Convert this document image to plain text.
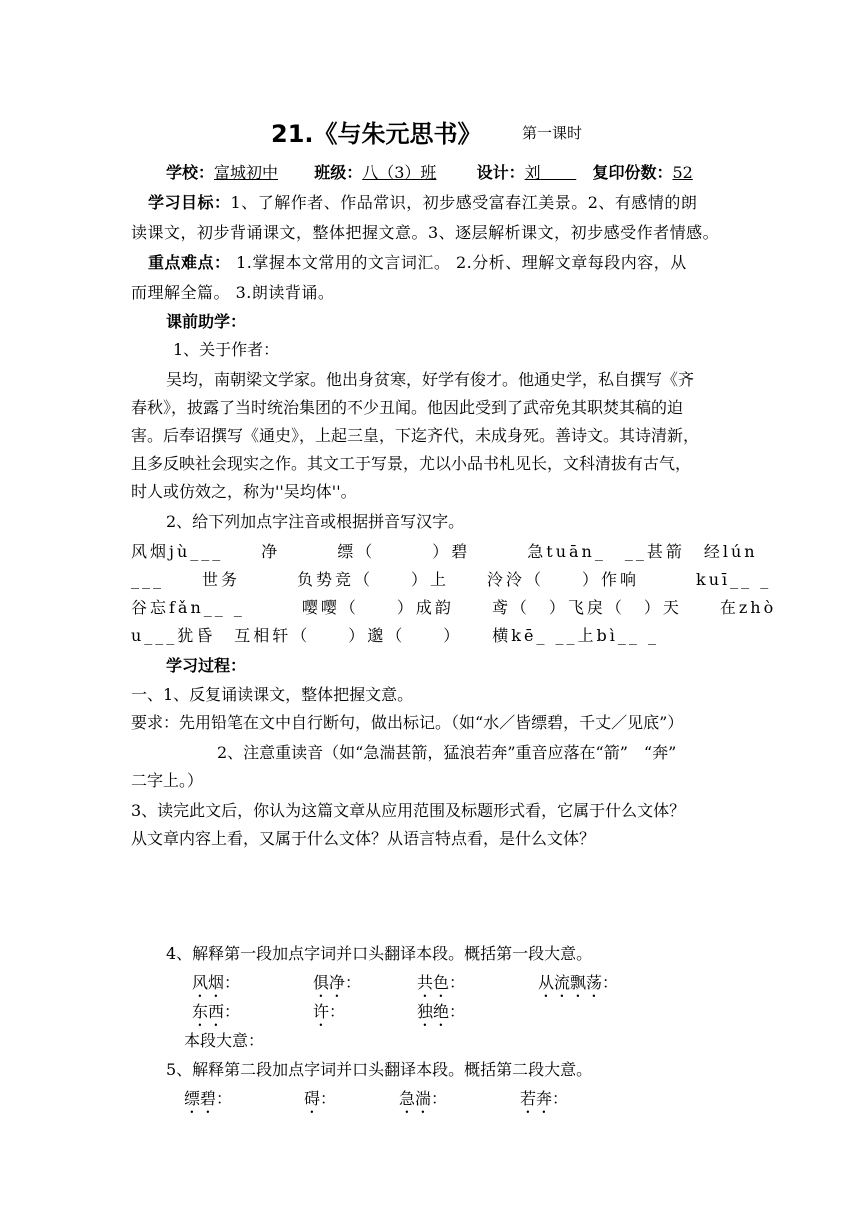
21.《与朱元思书》	第一课时
学校：富城初中 班级：八（3）班	设计：刘	复印份数：52
学习目标：1、了解作者、作品常识，初步感受富春江美景。2、有感情的朗
读课文，初步背诵课文，整体把握文意。3、逐层解析课文，初步感受作者情感。
重点难点： 1.掌握本文常用的文言词汇。 2.分析、理解文章每段内容，从
而理解全篇。 3.朗读背诵。
课前助学：
1、关于作者：
吴均，南朝梁文学家。他出身贫寒，好学有俊才。他通史学，私自撰写《齐
春秋》，披露了当时统治集团的不少丑闻。他因此受到了武帝免其职焚其稿的迫
害。后奉诏撰写《通史》，上起三皇，下迄齐代，未成身死。善诗文。其诗清新，
且多反映社会现实之作。其文工于写景，尤以小品书札见长，文科清拔有古气，
时人或仿效之，称为''吴均体''。
2、给下列加点字注音或根据拼音写汉字。
风烟jù___　　净　　　缥（　　　）碧　　　急tuān_　__甚箭　经lún
___　　世务　　　负势竞（　　）上　　泠泠（　　）作响　　　kuī__ _
谷忘fǎn__ _　　　嘤嘤（　　）成韵　　鸢（　）飞戾（　）天　　在zhò
u___犹昏　互相轩（　　）邈（　　）　　横kē_ __上bì__ _
学习过程：
一、1、反复诵读课文，整体把握文意。
要求：先用铅笔在文中自行断句，做出标记。（如“水／皆缥碧，千丈／见底”）
2、注意重读音（如“急湍甚箭，猛浪若奔”重音应落在“箭”　“奔”
二字上。）
3、读完此文后，你认为这篇文章从应用范围及标题形式看，它属于什么文体？
从文章内容上看，又属于什么文体？从语言特点看，是什么文体？
4、解释第一段加点字词并口头翻译本段。概括第一段大意。
风烟：	俱净：	共色：	从流飘荡：
东西：	许：	独绝：
本段大意：
5、解释第二段加点字词并口头翻译本段。概括第二段大意。
缥碧：	碍：	急湍：	若奔：
